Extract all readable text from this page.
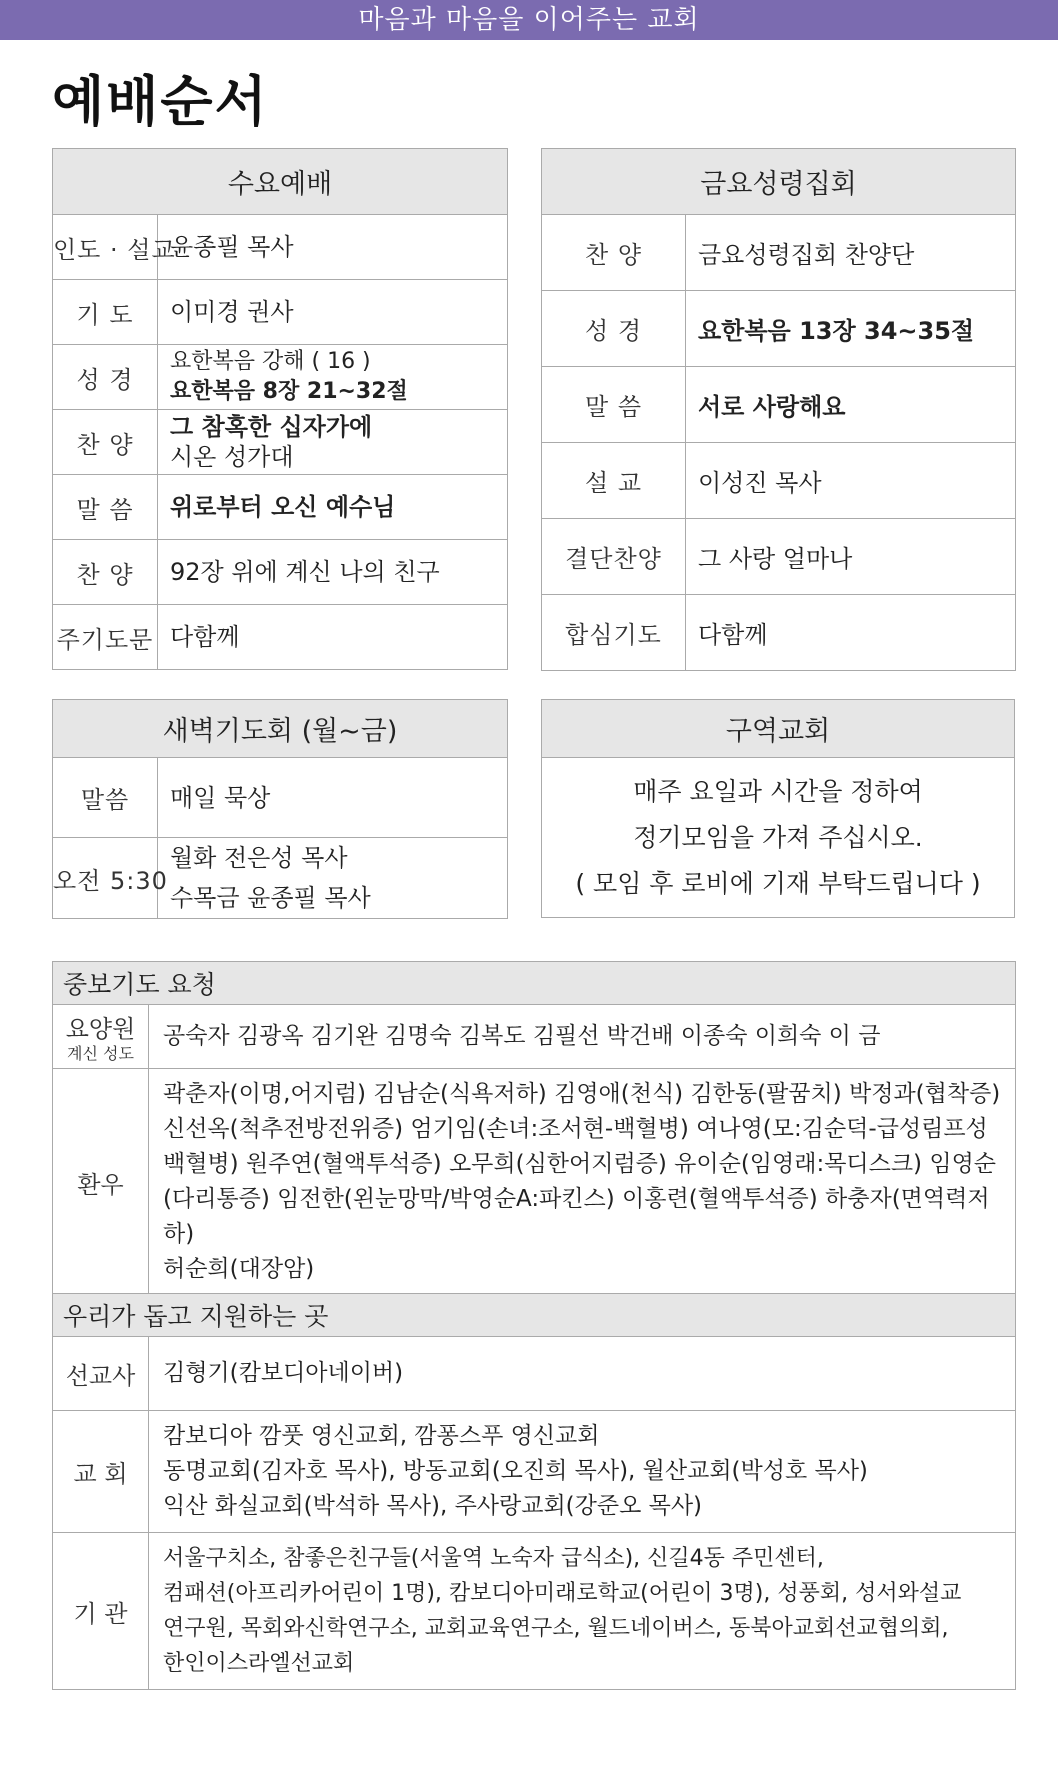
마음과 마음을 이어주는 교회
예배순서
수요예배	
인도 · 설교	윤종필 목사

기 도	이미경 권사

성 경	요한복음 강해 ( 16 )
요한복음 8장 21~32절

찬 양	그 참혹한 십자가에
시온 성가대

말 씀	위로부터 오신 예수님

찬 양	92장 위에 계신 나의 친구

주기도문	다함께
금요성령집회	
찬 양	금요성령집회 찬양단
성 경	요한복음 13장 34~35절
말 씀	서로 사랑해요
설 교	이성진 목사
결단찬양	그 사랑 얼마나
합심기도	다함께
새벽기도회 (월~금)	
말씀	매일 묵상

오전 5:30	월화 전은성 목사
수목금 윤종필 목사
구역교회

매주 요일과 시간을 정하여
정기모임을 가져 주십시오.
( 모임 후 로비에 기재 부탁드립니다 )
중보기도 요청	
요양원
계신 성도	공숙자 김광옥 김기완 김명숙 김복도 김필선 박건배 이종숙 이희숙 이 금
환우	곽춘자(이명,어지럼) 김남순(식욕저하) 김영애(천식) 김한동(팔꿈치) 박정과(협착증)
신선옥(척추전방전위증) 엄기임(손녀:조서현-백혈병) 여나영(모:김순덕-급성림프성
백혈병) 원주연(혈액투석증) 오무희(심한어지럼증) 유이순(임영래:목디스크) 임영순
(다리통증) 임전한(왼눈망막/박영순A:파킨스) 이홍련(혈액투석증) 하충자(면역력저하)
허순희(대장암)
우리가 돕고 지원하는 곳	
선교사	김형기(캄보디아네이버)

교 회	캄보디아 깜풋 영신교회, 깜퐁스푸 영신교회
동명교회(김자호 목사), 방동교회(오진희 목사), 월산교회(박성호 목사)
익산 화실교회(박석하 목사), 주사랑교회(강준오 목사)

기 관	서울구치소, 참좋은친구들(서울역 노숙자 급식소), 신길4동 주민센터,
컴패션(아프리카어린이 1명), 캄보디아미래로학교(어린이 3명), 성풍회, 성서와설교
연구원, 목회와신학연구소, 교회교육연구소, 월드네이버스, 동북아교회선교협의회,
한인이스라엘선교회
